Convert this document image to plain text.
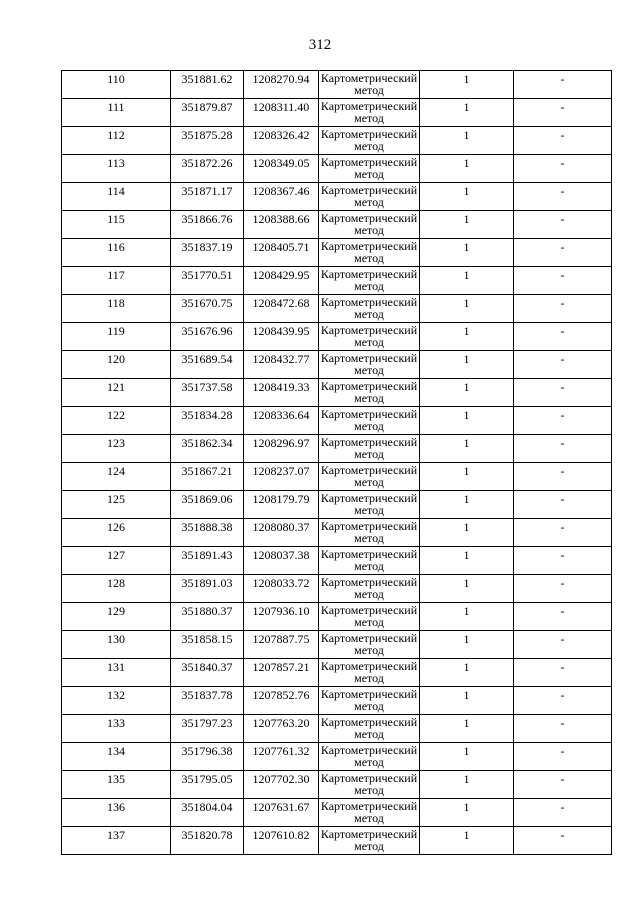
312
110	351881.62	1208270.94	Картометрический метод	1	-
111	351879.87	1208311.40	Картометрический метод	1	-
112	351875.28	1208326.42	Картометрический метод	1	-
113	351872.26	1208349.05	Картометрический метод	1	-
114	351871.17	1208367.46	Картометрический метод	1	-
115	351866.76	1208388.66	Картометрический метод	1	-
116	351837.19	1208405.71	Картометрический метод	1	-
117	351770.51	1208429.95	Картометрический метод	1	-
118	351670.75	1208472.68	Картометрический метод	1	-
119	351676.96	1208439.95	Картометрический метод	1	-
120	351689.54	1208432.77	Картометрический метод	1	-
121	351737.58	1208419.33	Картометрический метод	1	-
122	351834.28	1208336.64	Картометрический метод	1	-
123	351862.34	1208296.97	Картометрический метод	1	-
124	351867.21	1208237.07	Картометрический метод	1	-
125	351869.06	1208179.79	Картометрический метод	1	-
126	351888.38	1208080.37	Картометрический метод	1	-
127	351891.43	1208037.38	Картометрический метод	1	-
128	351891.03	1208033.72	Картометрический метод	1	-
129	351880.37	1207936.10	Картометрический метод	1	-
130	351858.15	1207887.75	Картометрический метод	1	-
131	351840.37	1207857.21	Картометрический метод	1	-
132	351837.78	1207852.76	Картометрический метод	1	-
133	351797.23	1207763.20	Картометрический метод	1	-
134	351796.38	1207761.32	Картометрический метод	1	-
135	351795.05	1207702.30	Картометрический метод	1	-
136	351804.04	1207631.67	Картометрический метод	1	-
137	351820.78	1207610.82	Картометрический метод	1	-
